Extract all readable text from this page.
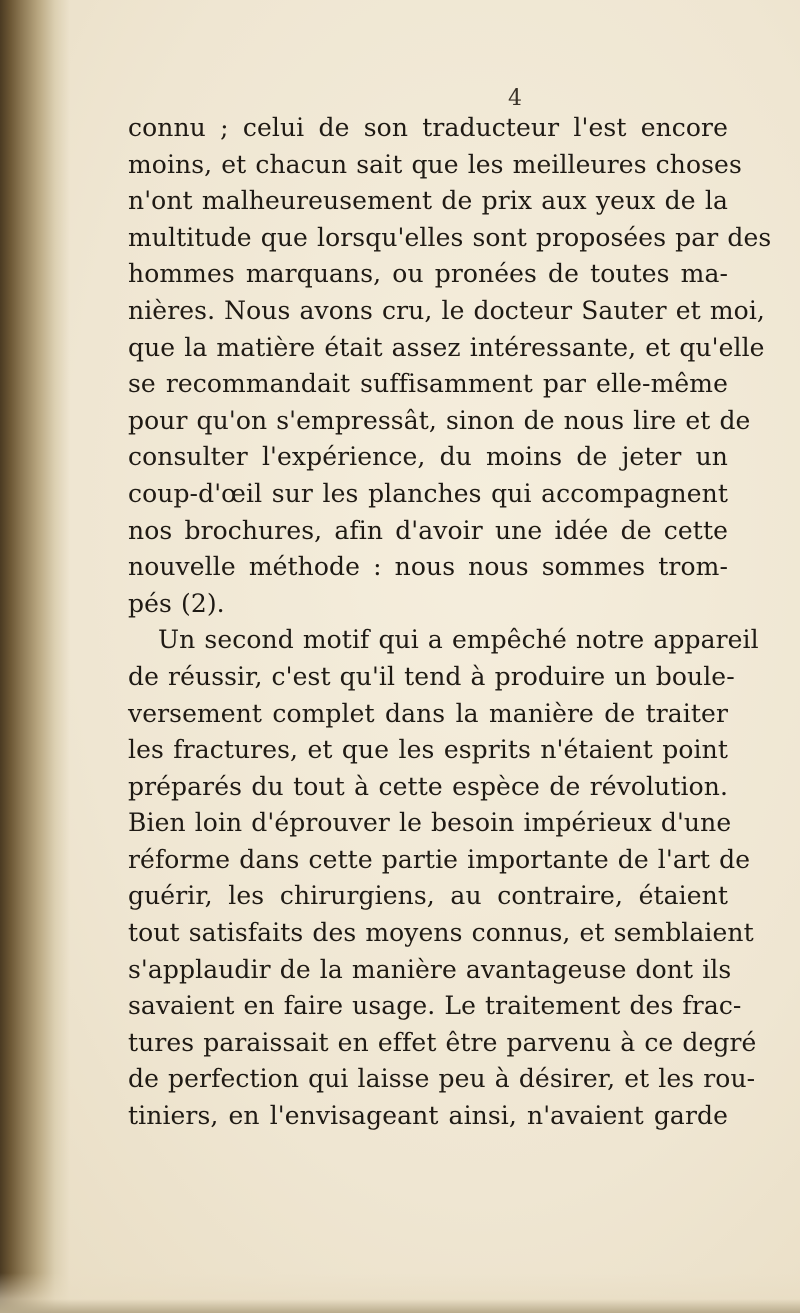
4
connu ; celui de son traducteur l'est encore
moins, et chacun sait que les meilleures choses
n'ont malheureusement de prix aux yeux de la
multitude que lorsqu'elles sont proposées par des
hommes marquans, ou pronées de toutes ma-
nières. Nous avons cru, le docteur Sauter et moi,
que la matière était assez intéressante, et qu'elle
se recommandait suffisamment par elle-même
pour qu'on s'empressât, sinon de nous lire et de
consulter l'expérience, du moins de jeter un
coup-d'œil sur les planches qui accompagnent
nos brochures, afin d'avoir une idée de cette
nouvelle méthode : nous nous sommes trom-
pés (2).
Un second motif qui a empêché notre appareil
de réussir, c'est qu'il tend à produire un boule-
versement complet dans la manière de traiter
les fractures, et que les esprits n'étaient point
préparés du tout à cette espèce de révolution.
Bien loin d'éprouver le besoin impérieux d'une
réforme dans cette partie importante de l'art de
guérir, les chirurgiens, au contraire, étaient
tout satisfaits des moyens connus, et semblaient
s'applaudir de la manière avantageuse dont ils
savaient en faire usage. Le traitement des frac-
tures paraissait en effet être parvenu à ce degré
de perfection qui laisse peu à désirer, et les rou-
tiniers, en l'envisageant ainsi, n'avaient garde
